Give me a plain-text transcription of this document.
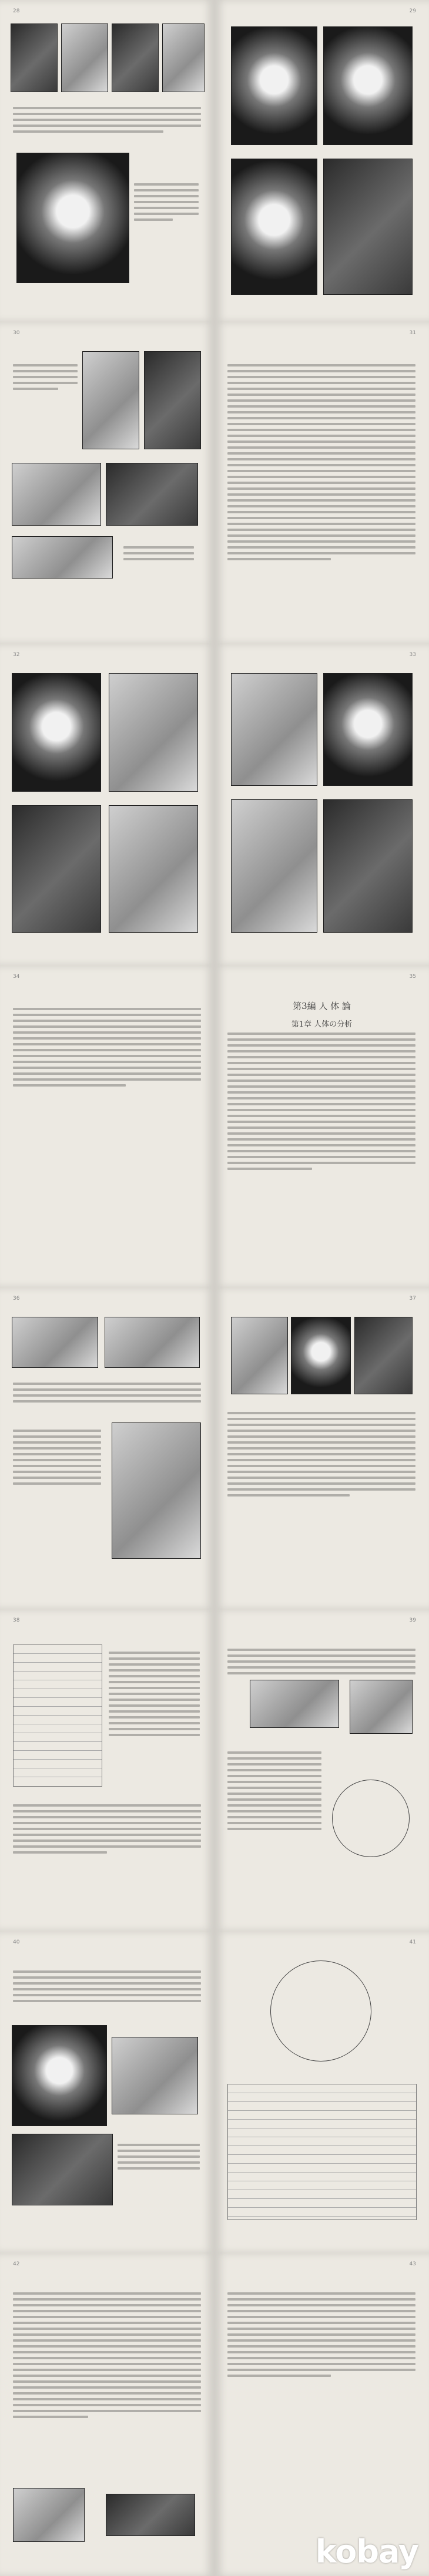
28	29
30	31
32	33
34	35
第3編 人 体 論
第1章 人体の分析
36	37
38	39
40	41
42	43
kobay
